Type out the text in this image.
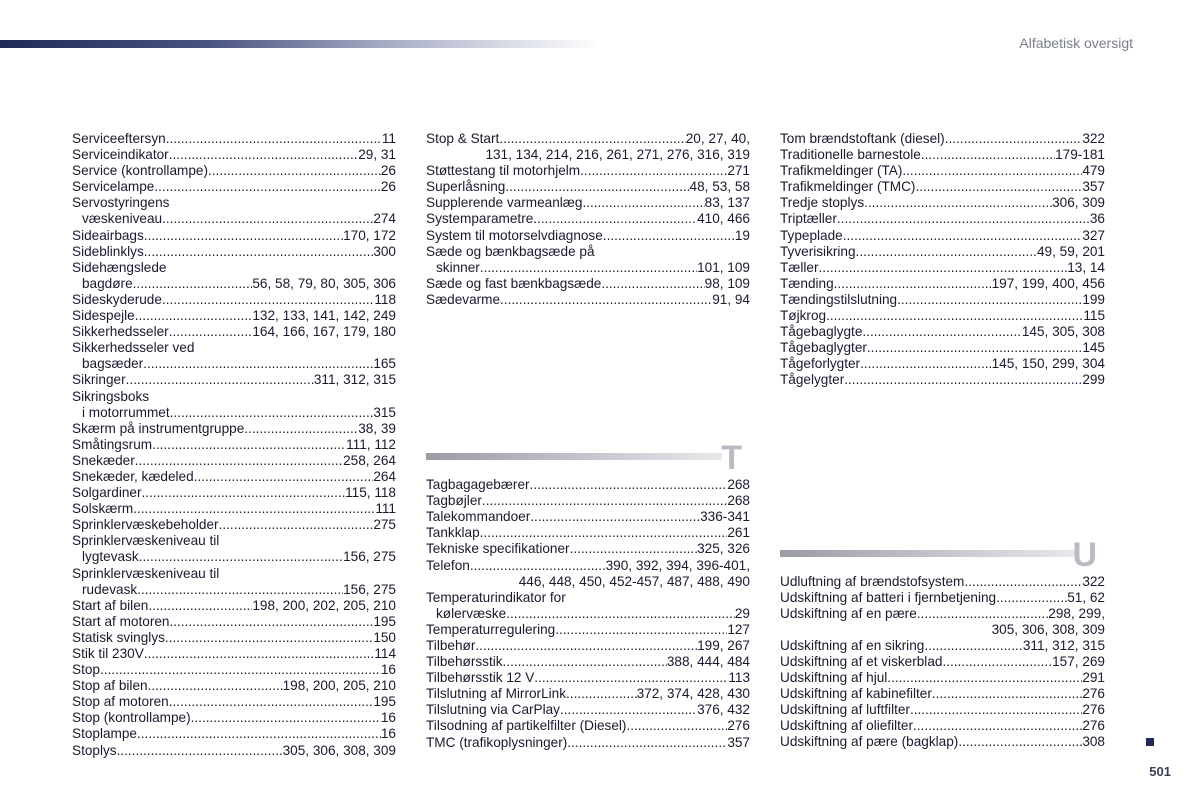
Alfabetisk oversigt
Serviceeftersyn .....	11
Serviceindikator .....	29, 31
Service (kontrollampe) .....	26
Servicelampe .....	26
Servostyringens
væskeniveau .....	274
Sideairbags .....	170, 172
Sideblinklys .....	300
Sidehængslede
bagdøre .....	56, 58, 79, 80, 305, 306
Sideskyderude .....	118
Sidespejle .....	132, 133, 141, 142, 249
Sikkerhedsseler .....	164, 166, 167, 179, 180
Sikkerhedsseler ved
bagsæder .....	165
Sikringer .....	311, 312, 315
Sikringsboks
i motorrummet .....	315
Skærm på instrumentgruppe .....	38, 39
Småtingsrum .....	111, 112
Snekæder .....	258, 264
Snekæder, kædeled .....	264
Solgardiner .....	115, 118
Solskærm .....	111
Sprinklervæskebeholder .....	275
Sprinklervæskeniveau til
lygtevask .....	156, 275
Sprinklervæskeniveau til
rudevask .....	156, 275
Start af bilen .....	198, 200, 202, 205, 210
Start af motoren .....	195
Statisk svinglys .....	150
Stik til 230V .....	114
Stop .....	16
Stop af bilen .....	198, 200, 205, 210
Stop af motoren .....	195
Stop (kontrollampe) .....	16
Stoplampe .....	16
Stoplys .....	305, 306, 308, 309
Stop & Start .....	20, 27, 40,
131, 134, 214, 216, 261, 271, 276, 316, 319
Støttestang til motorhjelm .....	271
Superlåsning .....	48, 53, 58
Supplerende varmeanlæg .....	83, 137
Systemparametre .....	410, 466
System til motorselvdiagnose .....	19
Sæde og bænkbagsæde på
skinner .....	101, 109
Sæde og fast bænkbagsæde .....	98, 109
Sædevarme .....	91, 94
T
Tagbagagebærer .....	268
Tagbøjler .....	268
Talekommandoer .....	336-341
Tankklap .....	261
Tekniske specifikationer .....	325, 326
Telefon .....	390, 392, 394, 396-401,
446, 448, 450, 452-457, 487, 488, 490
Temperaturindikator for
kølervæske .....	29
Temperaturregulering .....	127
Tilbehør .....	199, 267
Tilbehørsstik .....	388, 444, 484
Tilbehørsstik 12 V .....	113
Tilslutning af MirrorLink .....	372, 374, 428, 430
Tilslutning via CarPlay .....	376, 432
Tilsodning af partikelfilter (Diesel) .....	276
TMC (trafikoplysninger) .....	357
Tom brændstoftank (diesel) .....	322
Traditionelle barnestole .....	179-181
Trafikmeldinger (TA) .....	479
Trafikmeldinger (TMC) .....	357
Tredje stoplys .....	306, 309
Triptæller .....	36
Typeplade .....	327
Tyverisikring .....	49, 59, 201
Tæller .....	13, 14
Tænding .....	197, 199, 400, 456
Tændingstilslutning .....	199
Tøjkrog .....	115
Tågebaglygte .....	145, 305, 308
Tågebaglygter .....	145
Tågeforlygter .....	145, 150, 299, 304
Tågelygter .....	299
U
Udluftning af brændstofsystem .....	322
Udskiftning af batteri i fjernbetjening .....	51, 62
Udskiftning af en pære .....	298, 299,
305, 306, 308, 309
Udskiftning af en sikring .....	311, 312, 315
Udskiftning af et viskerblad .....	157, 269
Udskiftning af hjul .....	291
Udskiftning af kabinefilter .....	276
Udskiftning af luftfilter .....	276
Udskiftning af oliefilter .....	276
Udskiftning af pære (bagklap) .....	308
501
